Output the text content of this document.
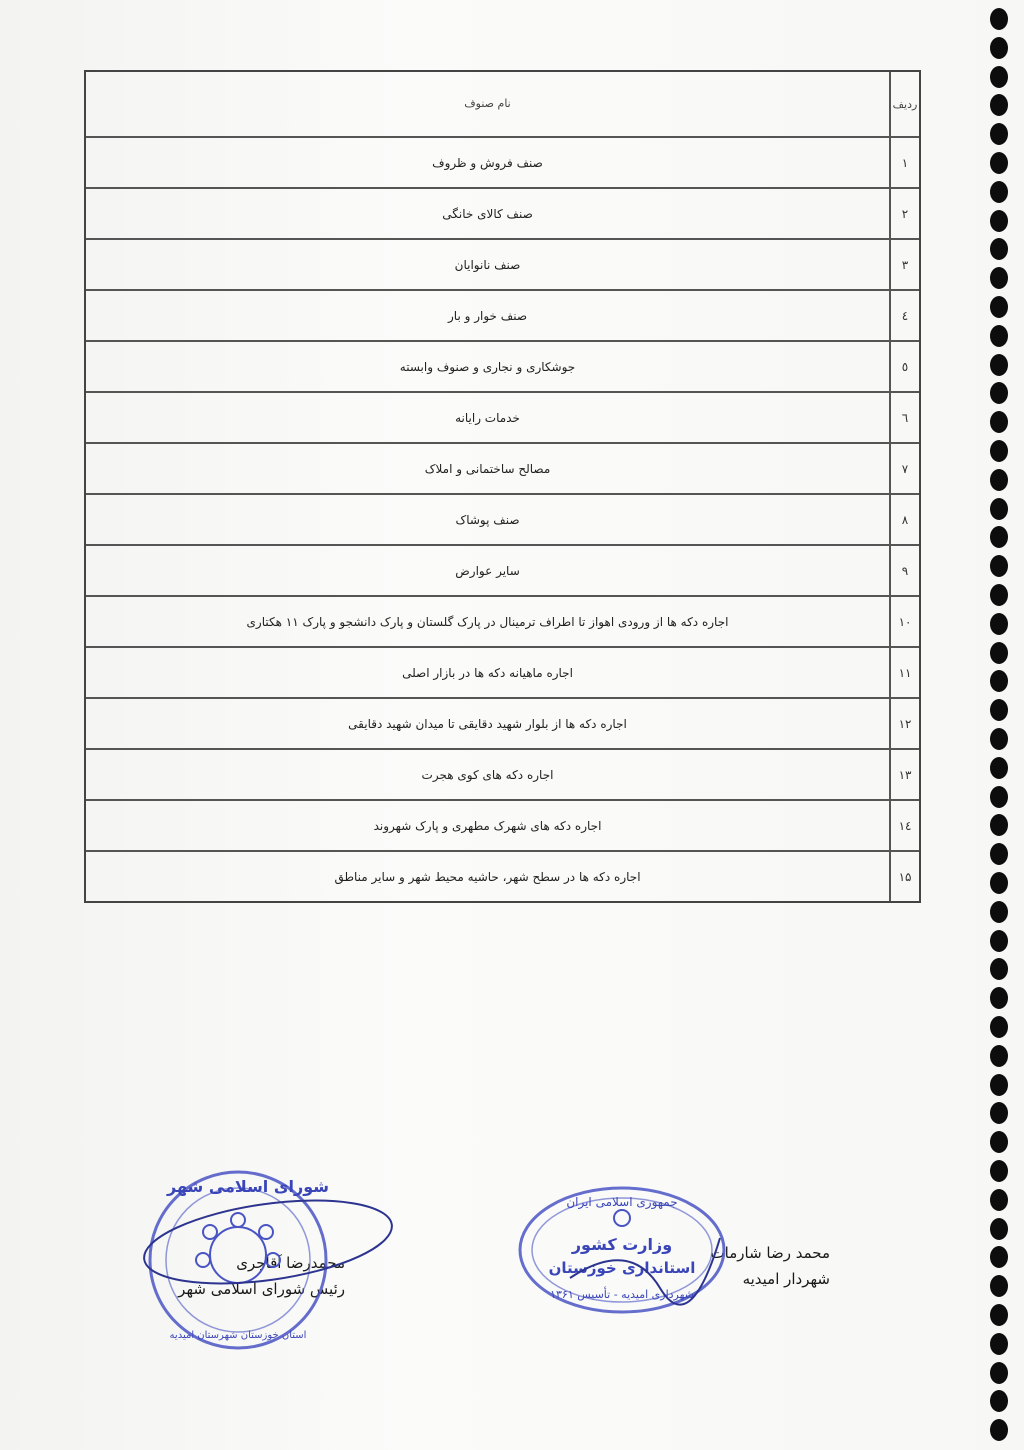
ردیف
نام صنوف
۱
صنف فروش و ظروف
۲
صنف کالای خانگی
۳
صنف نانوایان
٤
صنف خوار و بار
٥
جوشکاری و نجاری و صنوف وابسته
٦
خدمات رایانه
۷
مصالح ساختمانی و املاک
۸
صنف پوشاک
۹
سایر عوارض
۱۰
اجاره دکه ها از ورودی اهواز تا اطراف ترمینال در پارک گلستان و پارک دانشجو و پارک ۱۱ هکتاری
۱۱
اجاره ماهیانه دکه ها در بازار اصلی
۱۲
اجاره دکه ها از بلوار شهید دقایقی تا میدان شهید دقایقی
۱۳
اجاره دکه های کوی هجرت
١٤
اجاره دکه های شهرک مطهری و پارک شهروند
۱۵
اجاره دکه ها در سطح شهر، حاشیه محیط شهر و سایر مناطق
محمد رضا شارمات
شهردار امیدیه
محمدرضا آقاجری
رئیس شورای اسلامی شهر
جمهوری اسلامی ایران
وزارت کشور
استانداری خوزستان
شهرداری امیدیه - تأسیس ۱۳۶۱
شورای اسلامی شهر
استان خوزستان شهرستان امیدیه
